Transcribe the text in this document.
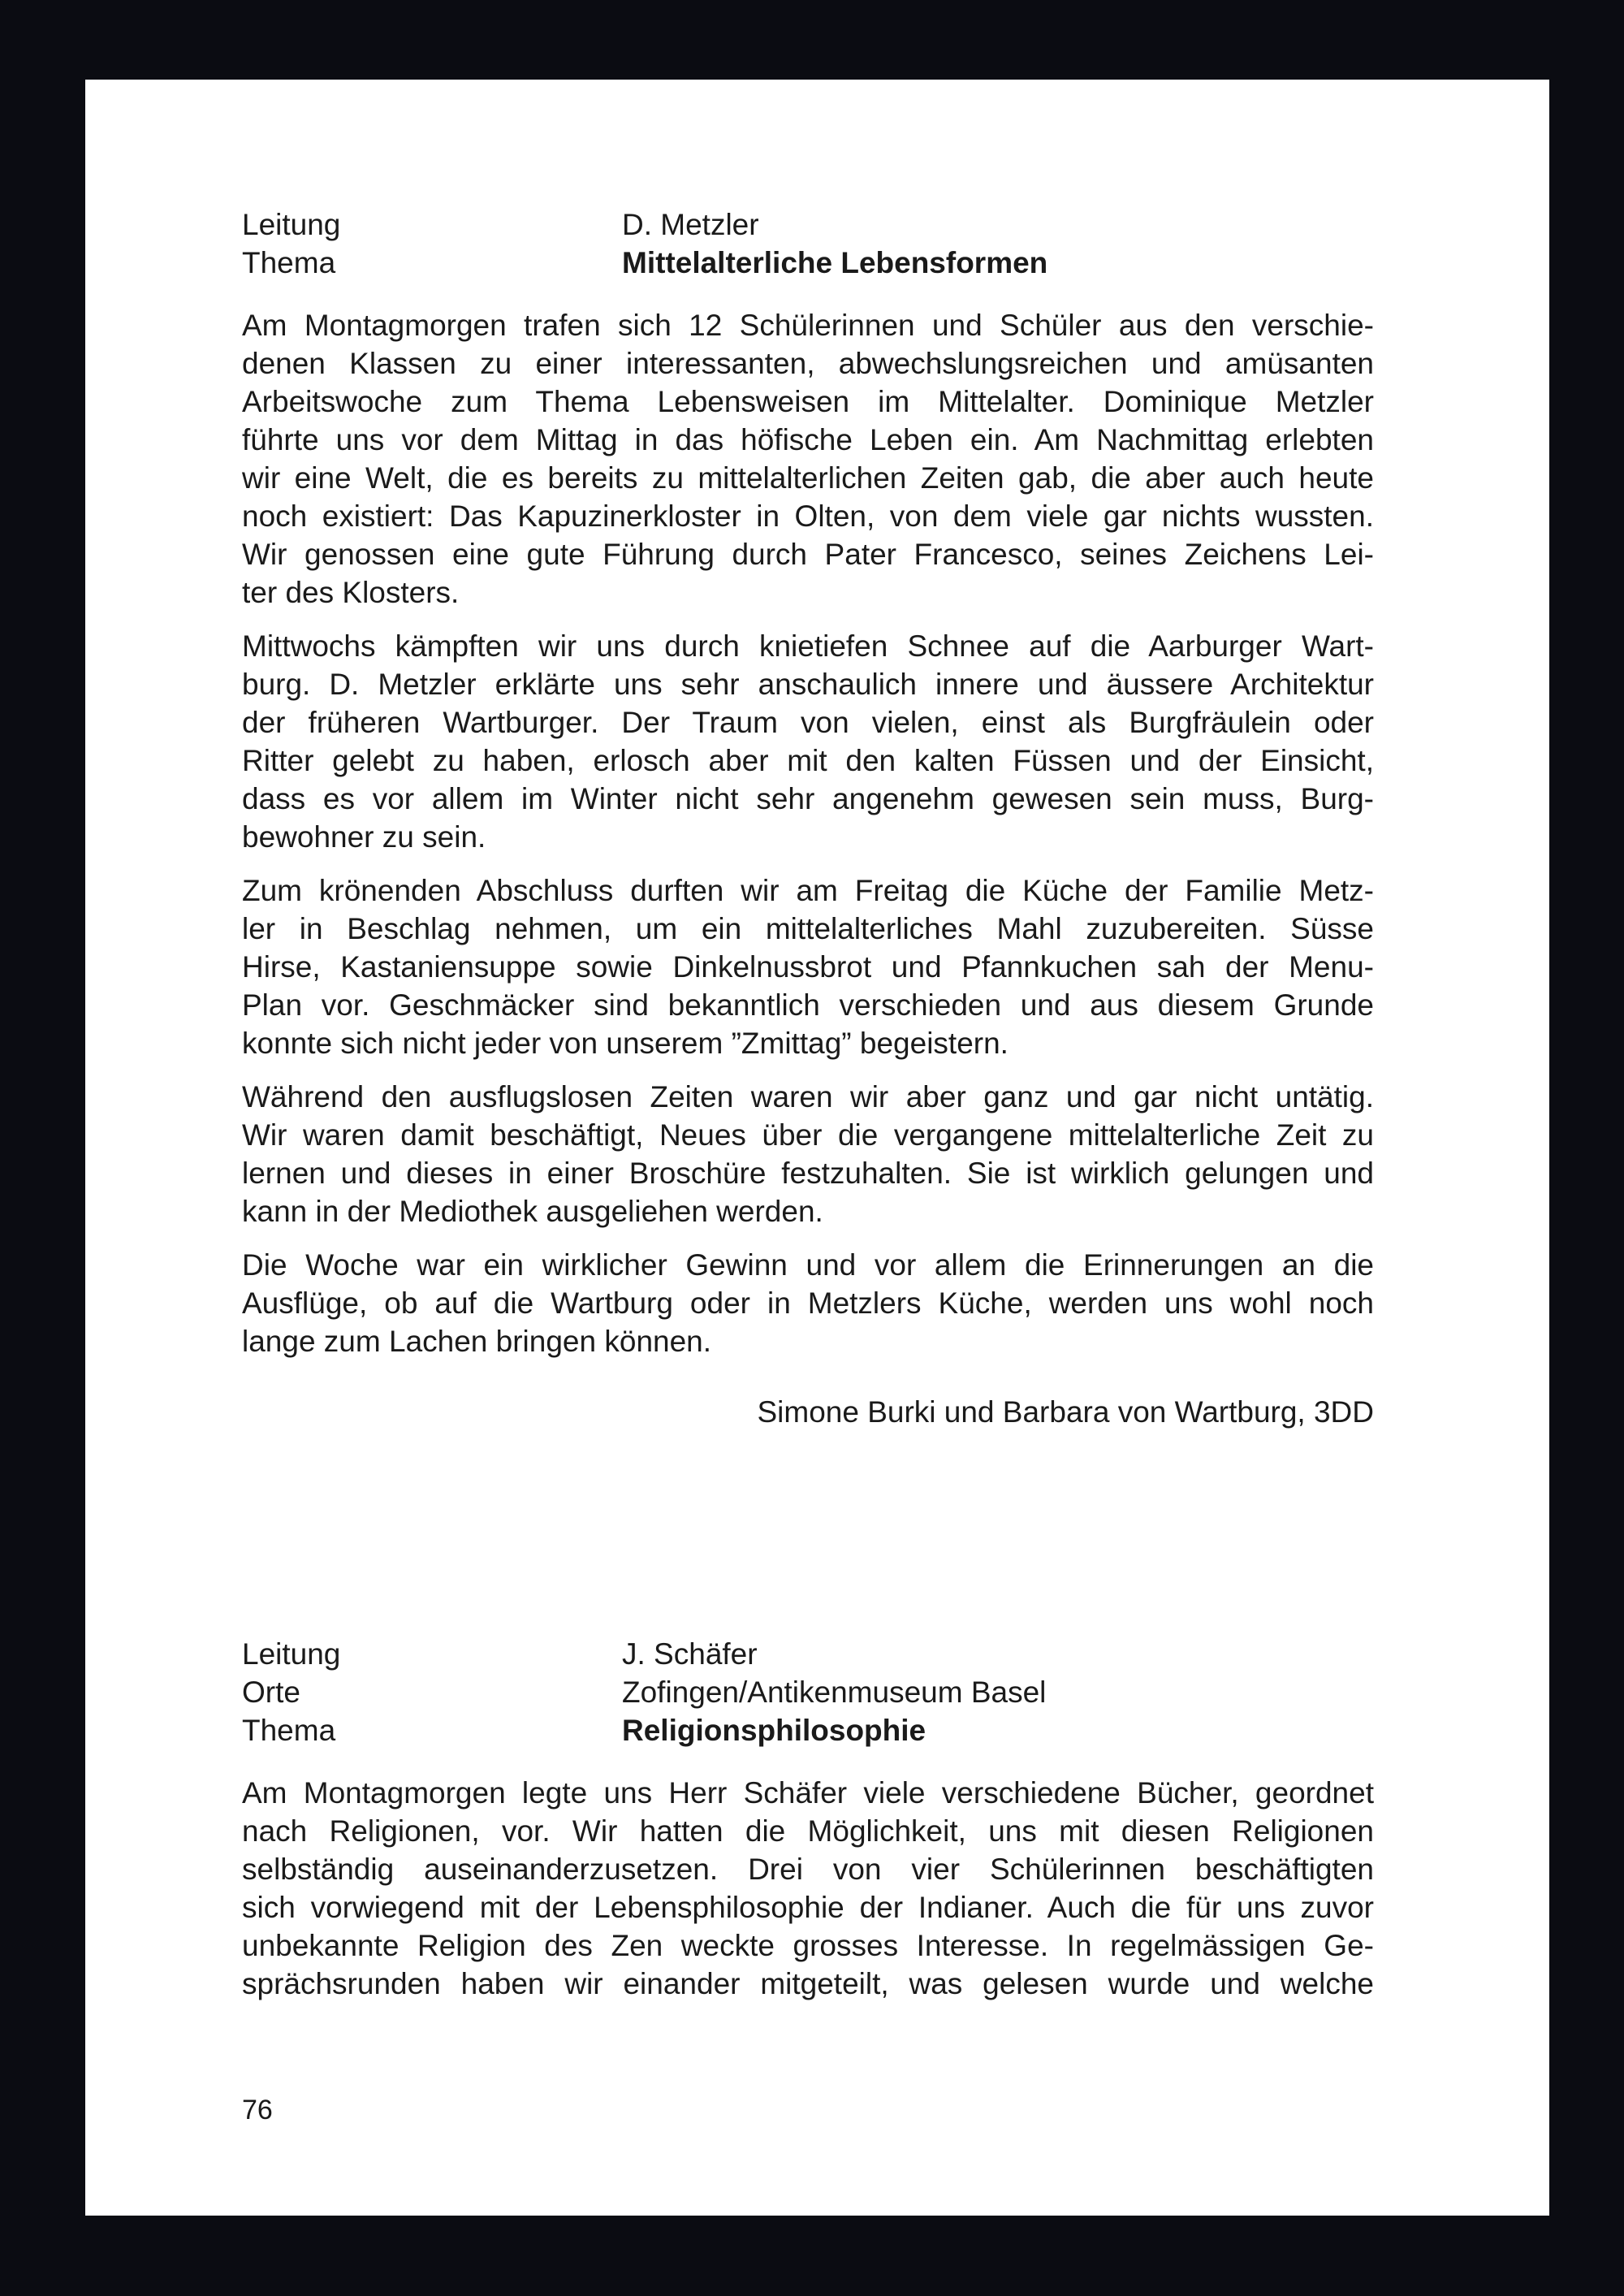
Leitung	D. Metzler
Thema	Mittelalterliche Lebensformen
Am Montagmorgen trafen sich 12 Schülerinnen und Schüler aus den verschie-
denen Klassen zu einer interessanten, abwechslungsreichen und amüsanten
Arbeitswoche zum Thema Lebensweisen im Mittelalter. Dominique Metzler
führte uns vor dem Mittag in das höfische Leben ein. Am Nachmittag erlebten
wir eine Welt, die es bereits zu mittelalterlichen Zeiten gab, die aber auch heute
noch existiert: Das Kapuzinerkloster in Olten, von dem viele gar nichts wussten.
Wir genossen eine gute Führung durch Pater Francesco, seines Zeichens Lei-
ter des Klosters.
Mittwochs kämpften wir uns durch knietiefen Schnee auf die Aarburger Wart-
burg. D. Metzler erklärte uns sehr anschaulich innere und äussere Architektur
der früheren Wartburger. Der Traum von vielen, einst als Burgfräulein oder
Ritter gelebt zu haben, erlosch aber mit den kalten Füssen und der Einsicht,
dass es vor allem im Winter nicht sehr angenehm gewesen sein muss, Burg-
bewohner zu sein.
Zum krönenden Abschluss durften wir am Freitag die Küche der Familie Metz-
ler in Beschlag nehmen, um ein mittelalterliches Mahl zuzubereiten. Süsse
Hirse, Kastaniensuppe sowie Dinkelnussbrot und Pfannkuchen sah der Menu-
Plan vor. Geschmäcker sind bekanntlich verschieden und aus diesem Grunde
konnte sich nicht jeder von unserem ”Zmittag” begeistern.
Während den ausflugslosen Zeiten waren wir aber ganz und gar nicht untätig.
Wir waren damit beschäftigt, Neues über die vergangene mittelalterliche Zeit zu
lernen und dieses in einer Broschüre festzuhalten. Sie ist wirklich gelungen und
kann in der Mediothek ausgeliehen werden.
Die Woche war ein wirklicher Gewinn und vor allem die Erinnerungen an die
Ausflüge, ob auf die Wartburg oder in Metzlers Küche, werden uns wohl noch
lange zum Lachen bringen können.
Simone Burki und Barbara von Wartburg, 3DD
Leitung	J. Schäfer
Orte	Zofingen/Antikenmuseum Basel
Thema	Religionsphilosophie
Am Montagmorgen legte uns Herr Schäfer viele verschiedene Bücher, geordnet
nach Religionen, vor. Wir hatten die Möglichkeit, uns mit diesen Religionen
selbständig auseinanderzusetzen. Drei von vier Schülerinnen beschäftigten
sich vorwiegend mit der Lebensphilosophie der Indianer. Auch die für uns zuvor
unbekannte Religion des Zen weckte grosses Interesse. In regelmässigen Ge-
sprächsrunden haben wir einander mitgeteilt, was gelesen wurde und welche
76
